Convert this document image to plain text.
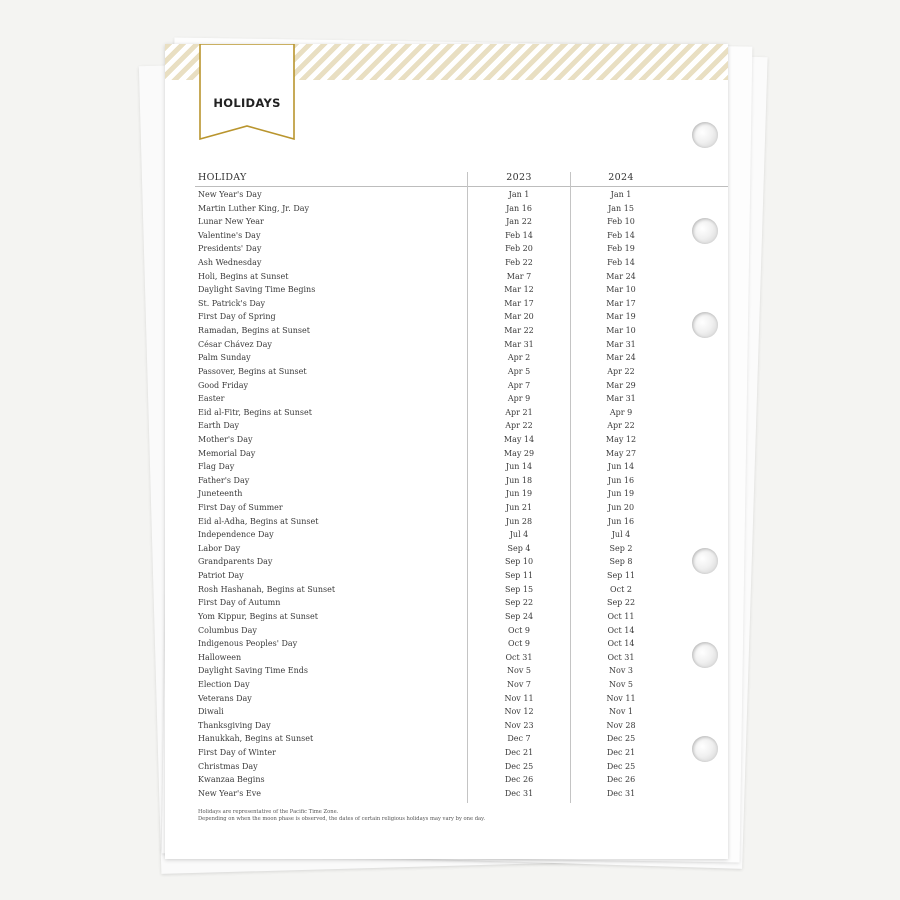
HOLIDAYS
HOLIDAY	2023	2024
New Year's Day	Jan 1	Jan 1
Martin Luther King, Jr. Day	Jan 16	Jan 15
Lunar New Year	Jan 22	Feb 10
Valentine's Day	Feb 14	Feb 14
Presidents' Day	Feb 20	Feb 19
Ash Wednesday	Feb 22	Feb 14
Holi, Begins at Sunset	Mar 7	Mar 24
Daylight Saving Time Begins	Mar 12	Mar 10
St. Patrick's Day	Mar 17	Mar 17
First Day of Spring	Mar 20	Mar 19
Ramadan, Begins at Sunset	Mar 22	Mar 10
César Chávez Day	Mar 31	Mar 31
Palm Sunday	Apr 2	Mar 24
Passover, Begins at Sunset	Apr 5	Apr 22
Good Friday	Apr 7	Mar 29
Easter	Apr 9	Mar 31
Eid al-Fitr, Begins at Sunset	Apr 21	Apr 9
Earth Day	Apr 22	Apr 22
Mother's Day	May 14	May 12
Memorial Day	May 29	May 27
Flag Day	Jun 14	Jun 14
Father's Day	Jun 18	Jun 16
Juneteenth	Jun 19	Jun 19
First Day of Summer	Jun 21	Jun 20
Eid al-Adha, Begins at Sunset	Jun 28	Jun 16
Independence Day	Jul 4	Jul 4
Labor Day	Sep 4	Sep 2
Grandparents Day	Sep 10	Sep 8
Patriot Day	Sep 11	Sep 11
Rosh Hashanah, Begins at Sunset	Sep 15	Oct 2
First Day of Autumn	Sep 22	Sep 22
Yom Kippur, Begins at Sunset	Sep 24	Oct 11
Columbus Day	Oct 9	Oct 14
Indigenous Peoples' Day	Oct 9	Oct 14
Halloween	Oct 31	Oct 31
Daylight Saving Time Ends	Nov 5	Nov 3
Election Day	Nov 7	Nov 5
Veterans Day	Nov 11	Nov 11
Diwali	Nov 12	Nov 1
Thanksgiving Day	Nov 23	Nov 28
Hanukkah, Begins at Sunset	Dec 7	Dec 25
First Day of Winter	Dec 21	Dec 21
Christmas Day	Dec 25	Dec 25
Kwanzaa Begins	Dec 26	Dec 26
New Year's Eve	Dec 31	Dec 31
Holidays are representative of the Pacific Time Zone.
Depending on when the moon phase is observed, the dates of certain religious holidays may vary by one day.
